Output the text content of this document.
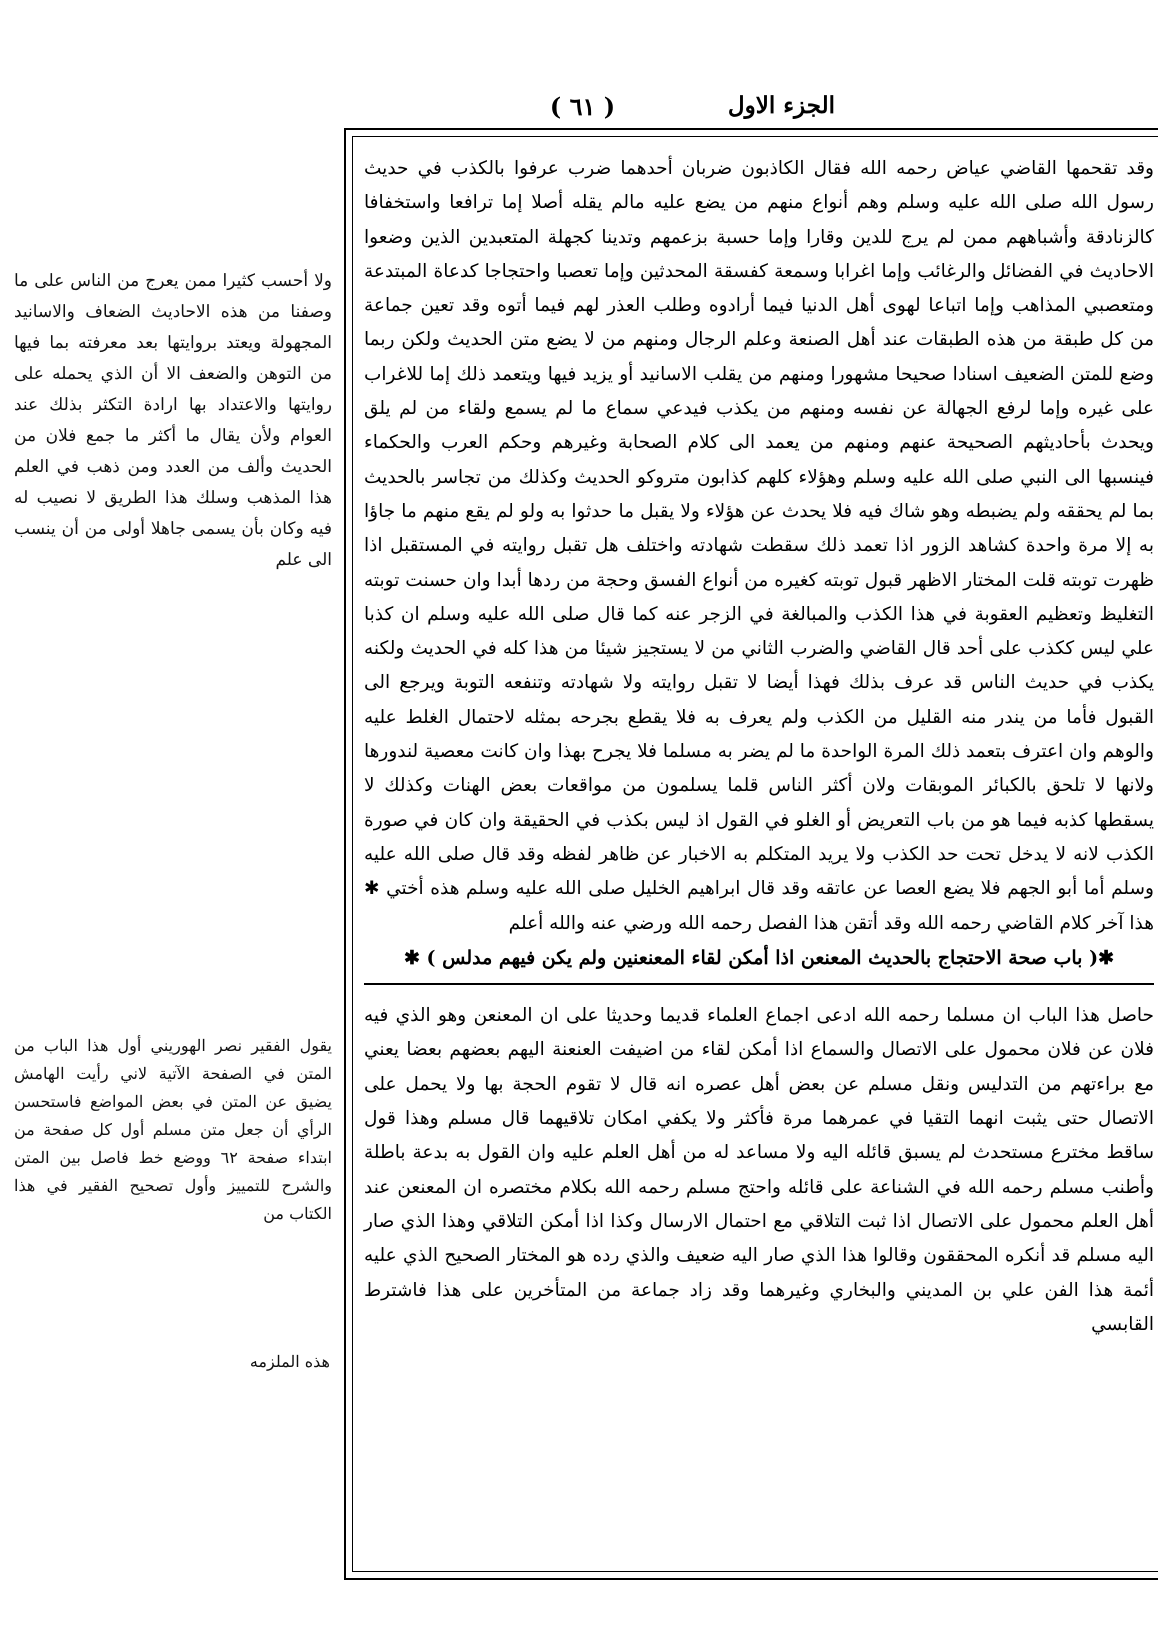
الجزء الاول
( ٦١ )

وقد تقحمها القاضي عياض رحمه الله فقال الكاذبون ضربان أحدهما ضرب عرفوا بالكذب في حديث رسول الله صلى الله عليه وسلم وهم أنواع منهم من يضع عليه مالم يقله أصلا إما ترافعا واستخفافا كالزنادقة وأشباههم ممن لم يرج للدين وقارا وإما حسبة بزعمهم وتدينا كجهلة المتعبدين الذين وضعوا الاحاديث في الفضائل والرغائب وإما اغرابا وسمعة كفسقة المحدثين وإما تعصبا واحتجاجا كدعاة المبتدعة ومتعصبي المذاهب وإما اتباعا لهوى أهل الدنيا فيما أرادوه وطلب العذر لهم فيما أتوه وقد تعين جماعة من كل طبقة من هذه الطبقات عند أهل الصنعة وعلم الرجال ومنهم من لا يضع متن الحديث ولكن ربما وضع للمتن الضعيف اسنادا صحيحا مشهورا ومنهم من يقلب الاسانيد أو يزيد فيها ويتعمد ذلك إما للاغراب على غيره وإما لرفع الجهالة عن نفسه ومنهم من يكذب فيدعي سماع ما لم يسمع ولقاء من لم يلق ويحدث بأحاديثهم الصحيحة عنهم ومنهم من يعمد الى كلام الصحابة وغيرهم وحكم العرب والحكماء فينسبها الى النبي صلى الله عليه وسلم وهؤلاء كلهم كذابون متروكو الحديث وكذلك من تجاسر بالحديث بما لم يحققه ولم يضبطه وهو شاك فيه فلا يحدث عن هؤلاء ولا يقبل ما حدثوا به ولو لم يقع منهم ما جاؤا به إلا مرة واحدة كشاهد الزور اذا تعمد ذلك سقطت شهادته واختلف هل تقبل روايته في المستقبل اذا ظهرت توبته قلت المختار الاظهر قبول توبته كغيره من أنواع الفسق وحجة من ردها أبدا وان حسنت توبته التغليظ وتعظيم العقوبة في هذا الكذب والمبالغة في الزجر عنه كما قال صلى الله عليه وسلم ان كذبا علي ليس ككذب على أحد قال القاضي والضرب الثاني من لا يستجيز شيئا من هذا كله في الحديث ولكنه يكذب في حديث الناس قد عرف بذلك فهذا أيضا لا تقبل روايته ولا شهادته وتنفعه التوبة ويرجع الى القبول فأما من يندر منه القليل من الكذب ولم يعرف به فلا يقطع بجرحه بمثله لاحتمال الغلط عليه والوهم وان اعترف بتعمد ذلك المرة الواحدة ما لم يضر به مسلما فلا يجرح بهذا وان كانت معصية لندورها ولانها لا تلحق بالكبائر الموبقات ولان أكثر الناس قلما يسلمون من مواقعات بعض الهنات وكذلك لا يسقطها كذبه فيما هو من باب التعريض أو الغلو في القول اذ ليس بكذب في الحقيقة وان كان في صورة الكذب لانه لا يدخل تحت حد الكذب ولا يريد المتكلم به الاخبار عن ظاهر لفظه وقد قال صلى الله عليه وسلم أما أبو الجهم فلا يضع العصا عن عاتقه وقد قال ابراهيم الخليل صلى الله عليه وسلم هذه أختي ✱ هذا آخر كلام القاضي رحمه الله وقد أتقن هذا الفصل رحمه الله ورضي عنه والله أعلم

✱( باب صحة الاحتجاج بالحديث المعنعن اذا أمكن لقاء المعنعنين ولم يكن فيهم مدلس ) ✱

حاصل هذا الباب ان مسلما رحمه الله ادعى اجماع العلماء قديما وحديثا على ان المعنعن وهو الذي فيه فلان عن فلان محمول على الاتصال والسماع اذا أمكن لقاء من اضيفت العنعنة اليهم بعضهم بعضا يعني مع براءتهم من التدليس ونقل مسلم عن بعض أهل عصره انه قال لا تقوم الحجة بها ولا يحمل على الاتصال حتى يثبت انهما التقيا في عمرهما مرة فأكثر ولا يكفي امكان تلاقيهما قال مسلم وهذا قول ساقط مخترع مستحدث لم يسبق قائله اليه ولا مساعد له من أهل العلم عليه وان القول به بدعة باطلة وأطنب مسلم رحمه الله في الشناعة على قائله واحتج مسلم رحمه الله بكلام مختصره ان المعنعن عند أهل العلم محمول على الاتصال اذا ثبت التلاقي مع احتمال الارسال وكذا اذا أمكن التلاقي وهذا الذي صار اليه مسلم قد أنكره المحققون وقالوا هذا الذي صار اليه ضعيف والذي رده هو المختار الصحيح الذي عليه أئمة هذا الفن علي بن المديني والبخاري وغيرهما وقد زاد جماعة من المتأخرين على هذا فاشترط القابسي

ولا أحسب كثيرا ممن يعرج من الناس على ما وصفنا من هذه الاحاديث الضعاف والاسانيد المجهولة ويعتد بروايتها بعد معرفته بما فيها من التوهن والضعف الا أن الذي يحمله على روايتها والاعتداد بها ارادة التكثر بذلك عند العوام ولأن يقال ما أكثر ما جمع فلان من الحديث وألف من العدد ومن ذهب في العلم هذا المذهب وسلك هذا الطريق لا نصيب له فيه وكان بأن يسمى جاهلا أولى من أن ينسب الى علم
يقول الفقير نصر الهوريني أول هذا الباب من المتن في الصفحة الآتية لاني رأيت الهامش يضيق عن المتن في بعض المواضع فاستحسن الرأي أن جعل متن مسلم أول كل صفحة من ابتداء صفحة ٦٢ ووضع خط فاصل بين المتن والشرح للتمييز وأول تصحيح الفقير في هذا الكتاب من
هذه الملزمه
